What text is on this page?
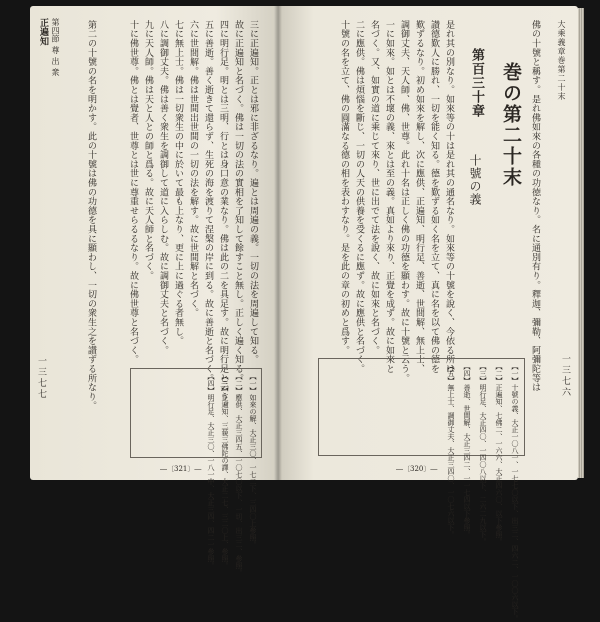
一三七七
正遍知 第四節 尊 出 衆	三に正遍知。正とは邪に非ざるなり。遍とは周遍の義。一切の法を周遍して知る。
故に正遍知と名づく。佛は一切の法の實相を了知して餘すこと無し。正しく遍く知る。
四に明行足。明とは三明、行とは身口意の業なり。佛は此の二を具足す。故に明行足と云う。
五に善逝。善く逝きて還らず、生死の海を渡りて涅槃の岸に到る。故に善逝と名づく。
六に世間解。佛は世間出世間の一切の法を解す。故に世間解と名づく。
七に無上士。佛は一切衆生の中に於いて最も上なり、更に上に過ぐる者無し。
八に調御丈夫。佛は善く衆生を調御して道に入らしむ。故に調御丈夫と名づく。
九に天人師。佛は天と人との師と爲る。故に天人師と名づく。
十に佛世尊。佛とは覺者、世尊とは世に尊重せらるるなり。故に佛世尊と名づく。
第二の十號の名を明かす。此の十號は佛の功德を具に顯わし、一切の衆生之を讃ずる所なり。
【一】如來の解、大正三〇、一七二下、三四〇上參照。
【二】應供、大正三四五、一〇七〇以下、一切、出三二、參照。
【三】正遍知、三藐三佛陀の譯、大正二七、三二〇上、參照。
【四】明行足、大正三〇、一八一中、大正三四、四二一參照。
―〔321〕―
大乘義章巻第二十末
一三七六
巻の第二十末
第百三十章
十號の義	佛の十號と稱す。是れ佛如來の各種の功徳なり。名に通別有り。釋迦、彌勒、阿彌陀等は
是れ其の別なり。如來等の十は是れ其の通名なり。如來等の十號を說く、今依る所は
讃德歎人に勝れ、一切を能く知る。德を歎ずる如く名を立て、真に名を以て佛の德を
歎ずるなり。初め如來を解し、次に應供、正遍知、明行足、善逝、世間解、無上士、
調御丈夫、天人師、佛、世尊。此れ十名は正しく佛の功德を顯わす。故に十號と云う。
一に如來。如とは不壞の義、來とは至の義。真如より來り、正覺を成ず。故に如來と
名づく。又、如實の道に乘じて來り、世に出でて法を說く、故に如來と名づく。
二に應供。佛は煩惱を斷じ、一切の人天の供養を受くるに應ず。故に應供と名づく。
十號の名を立て、佛の圓滿なる德の相を表わすなり。是を此の章の初めと爲す。
【一】十號の義、大正一〇八一、一七七〇以下、出三二、四六二、一〇〇六以下。
【二】正遍知、七佛二、一六六、大正四六〇、以下參照。
【三】明行足、大正四〇、一四〇八以下、二六二九以下。
【四】善逝、世間解、大正三四二、一一七四以下參照。
【五】無上士、調御丈夫、大正三四〇、一〇七六以下。
―〔320〕―
